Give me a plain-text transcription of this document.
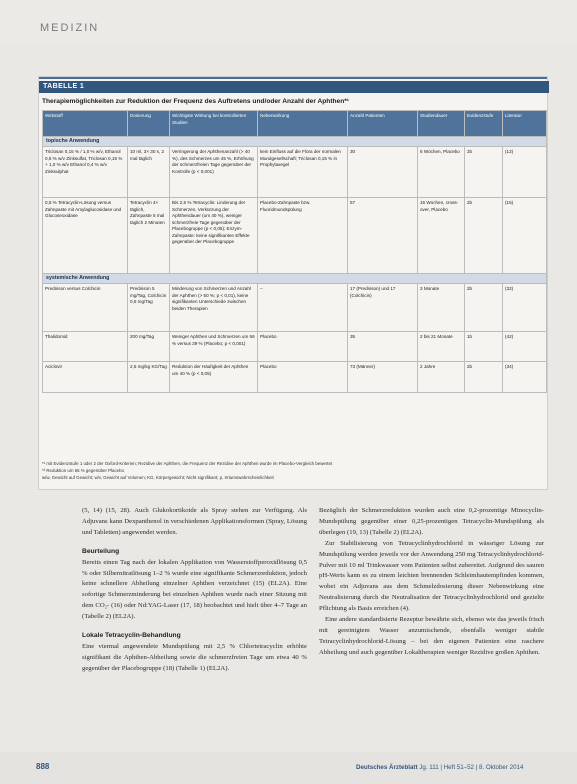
MEDIZIN
TABELLE 1
Therapiemöglichkeiten zur Reduktion der Frequenz des Auftretens und/oder Anzahl der Aphthen*¹
Wirkstoff	Dosierung	Wichtigste Wirkung bei kontrollierten Studien	Nebenwirkung	Anzahl Patienten	Studiendauer	Evidenzstufe	Literatur
topische Anwendung							
Triclosan 0,15 % / 1,0 % w/v, Ethanol 0,5 % w/v Zinksulfat, Triclosan 0,15 % + 1,0 % w/v Ethanol 0,4 % w/v Zinksulphat	10 ml, 3× 30 s, 2 mal täglich	Verringerung der Aphthenanzahl (> 40 %), des Schmerzes um 45 %, Erhöhung der schmerzfreien Tage gegenüber der Kontrolle (p < 0,001)	kein Einfluss auf die Flora der normalen Mundgesellschaft; Triclosan 0,15 % in Prophylaxegel	30	6 Wochen, Placebo	2b	(12)
0,5 % Tetracyclin-Lösung versus Zahnpaste mit Amylaglucosidase und Glucoseoxidase	Tetracyclin 4× täglich, Zahnpaste 5 mal täglich 2 Minuten	Bis 2,5 % Tetracyclin: Linderung der Schmerzen, Verkürzung der Aphthendauer (um 40 %), weniger schmerzfreie Tage gegenüber der Placebogruppe (p < 0,05); Enzym-Zahnpaste: keine signifikanten Effekte gegenüber der Placebogruppe	Placebo-Zahnpaste bzw. Fluoridmundspülung	57	16 Wochen, cross-over, Placebo	2b	(15)
systemische Anwendung							
Prednison versus Colchicin	Prednison 5 mg/Tag, Colchicin 0,5 mg/Tag	Minderung von Schmerzen und Anzahl der Aphthen (> 50 %; p < 0,01), keine signifikanten Unterschiede zwischen beiden Therapien	–	17 (Prednison) und 17 (Colchicin)	3 Monate	2b	(32)
Thalidomid	200 mg/Tag	Weniger Aphthen und Schmerzen um 56 % versus 39 % (Placebo; p < 0,001)	Placebo	35	2 bis 21 Monate	1b	(42)
Aciclovir	2,5 mg/kg KG/Tag	Reduktion der Häufigkeit der Aphthen um 40 % (p < 0,05)	Placebo	73 (Männer)	2 Jahre	2b	(34)
*¹ mit Evidenzstufe 1 oder 2 der Oxford-Kriterien; Rezidive der Aphthen, die Frequenz der Rezidive der Aphthen wurde im Placebo-Vergleich bewertet
*² Reduktion um 65 % gegenüber Placebo
w/w, Gewicht auf Gewicht; w/v, Gewicht auf Volumen; KG, Körpergewicht; Nicht signifikant; p, Irrtumswahrscheinlichkeit

(5, 14) (15, 28). Auch Glukokortikoide als Spray stehen zur Verfügung. Als Adjuvans kann Dexpanthenol in verschiedenen Applikationsformen (Spray, Lösung und Tabletten) angewendet werden.

Beurteilung

Bereits einen Tag nach der lokalen Applikation von Wasserstoffperoxidlösung 0,5 % oder Silbernitratlösung 1–2 % wurde eine signifikante Schmerzreduktion, jedoch keine schnellere Abheilung einzelner Aphthen verzeichnet (15) (EL2A). Eine sofortige Schmerzminderung bei einzelnen Aphthen wurde nach einer Sitzung mit dem CO₂- (16) oder Nd:YAG-Laser (17, 18) beobachtet und hielt über 4–7 Tage an (Tabelle 2) (EL2A).

Lokale Tetracyclin-Behandlung

Eine viermal angewendete Mundspülung mit 2,5 % Chlortetracyclin erhöhte signifikant die Aphthen-Abheilung sowie die schmerzfreien Tage um etwa 40 % gegenüber der Placebogruppe (18) (Tabelle 1) (EL2A).

Bezüglich der Schmerzreduktion wurden auch eine 0,2-prozentige Minocyclin-Mundspülung gegenüber einer 0,25-prozentigen Tetracyclin-Mundspülung als überlegen (19, 13) (Tabelle 2) (EL2A).

Zur Stabilisierung von Tetracyclinhydrochlorid in wässriger Lösung zur Mundspülung werden jeweils vor der Anwendung 250 mg Tetracyclinhydrochlorid-Pulver mit 10 ml Trinkwasser vom Patienten selbst zubereitet. Aufgrund des sauren pH-Werts kann es zu einem leichten brennenden Schleimhautempfinden kommen, wobei ein Adjuvans aus dem Schmelzdosierung dieser Nebenwirkung eine Neutralisierung durch die Neutralisation der Tetracyclinhydrochlorid und gezielte Pflichtung als Basis erreichen (4).

Eine andere standardisierte Rezeptur bewährte sich, ebenso wie das jeweils frisch mit gereinigtem Wasser anzumischende, ebenfalls weniger stabile Tetracyclinhydrochlorid-Lösung – bei den eigenen Patienten eine raschere Abheilung und auch gegenüber Lokaltherapien weniger Rezidive großen Aphthen.

888	Deutsches Ärzteblatt Jg. 111 | Heft 51–52 | 8. Oktober 2014
